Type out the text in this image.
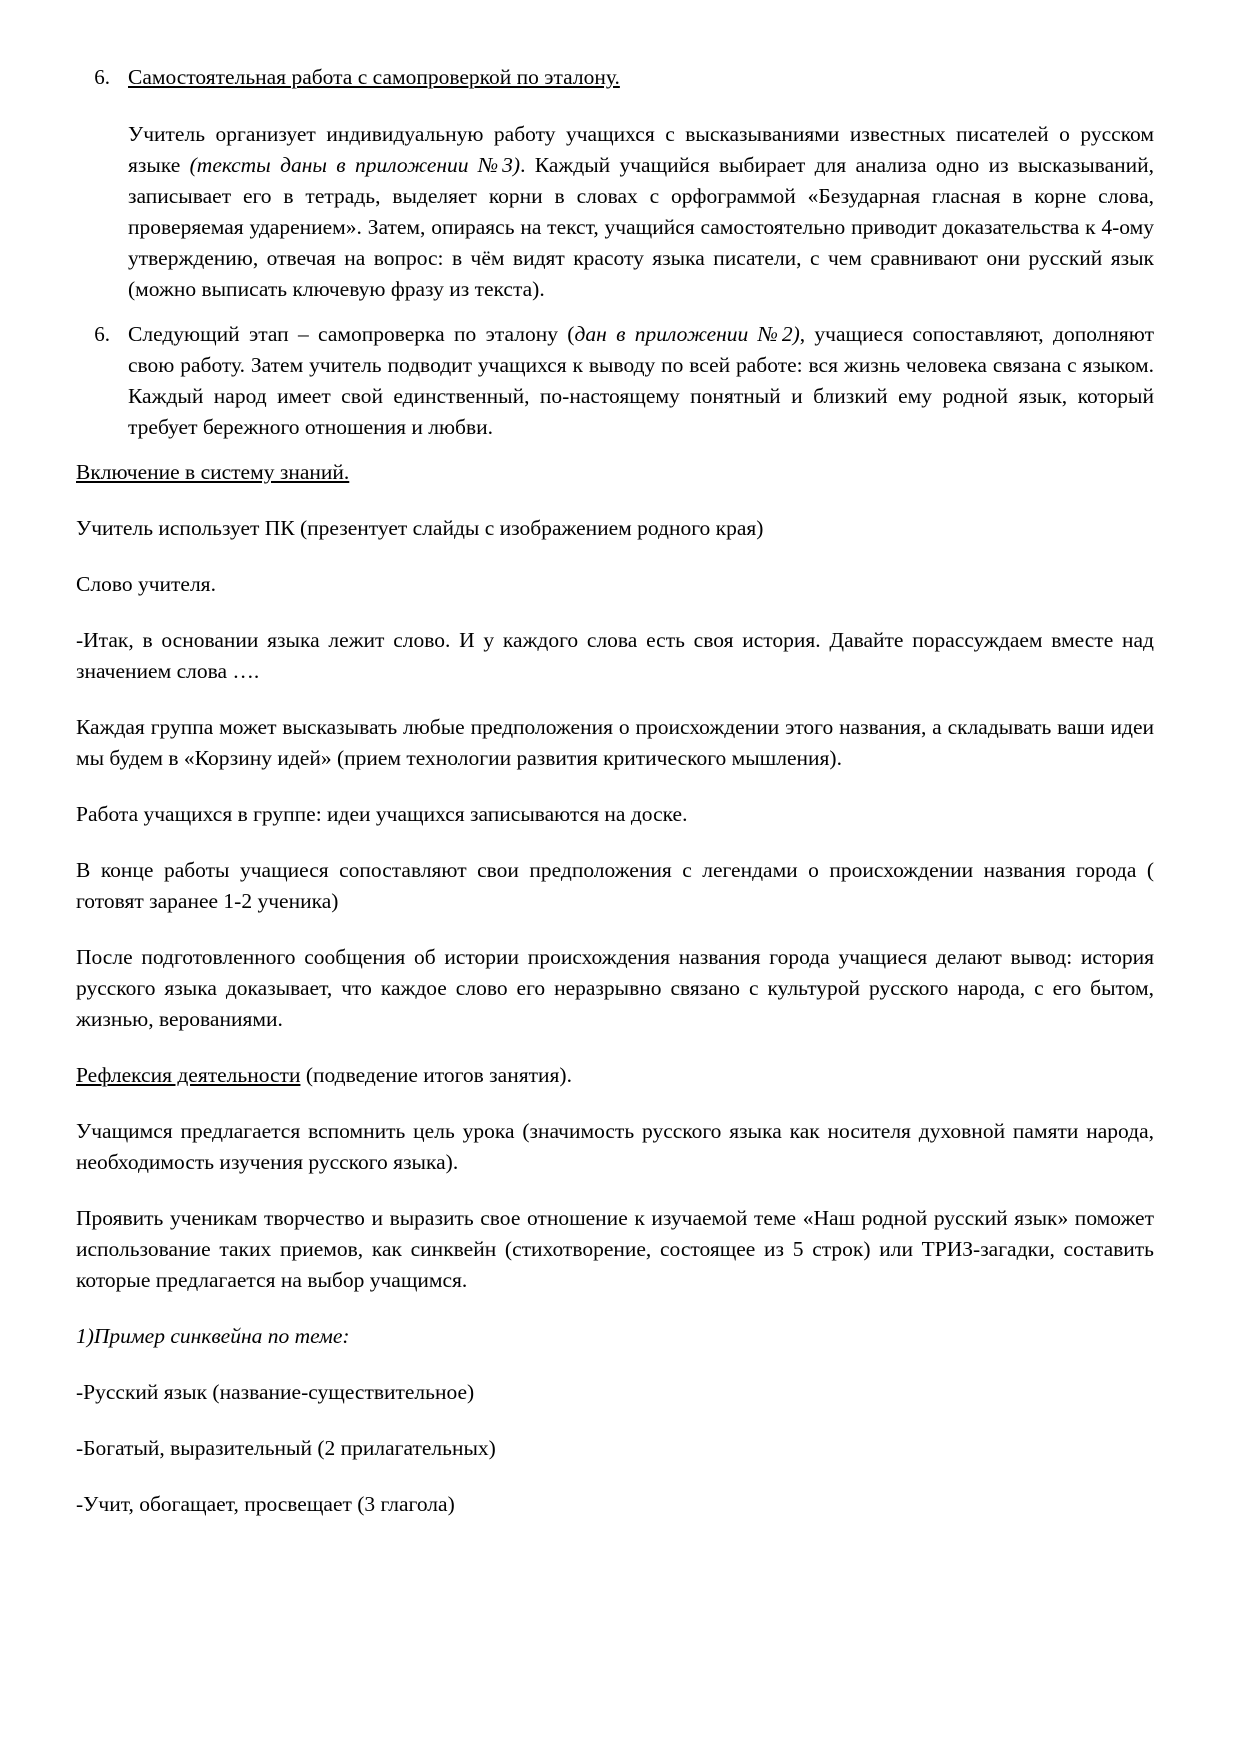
6. Самостоятельная работа с самопроверкой по эталону.
Учитель организует индивидуальную работу учащихся с высказываниями известных писателей о русском языке (тексты даны в приложении №3). Каждый учащийся выбирает для анализа одно из высказываний, записывает его в тетрадь, выделяет корни в словах с орфограммой «Безударная гласная в корне слова, проверяемая ударением». Затем, опираясь на текст, учащийся самостоятельно приводит доказательства к 4-ому утверждению, отвечая на вопрос: в чём видят красоту языка писатели, с чем сравнивают они русский язык (можно выписать ключевую фразу из текста).
6. Следующий этап – самопроверка по эталону (дан в приложении №2), учащиеся сопоставляют, дополняют свою работу. Затем учитель подводит учащихся к выводу по всей работе: вся жизнь человека связана с языком. Каждый народ имеет свой единственный, по-настоящему понятный и близкий ему родной язык, который требует бережного отношения и любви.

Включение в систему знаний.

Учитель использует ПК (презентует слайды с изображением родного края)

Слово учителя.

-Итак, в основании языка лежит слово. И у каждого слова есть своя история. Давайте порассуждаем вместе над значением слова ….

Каждая группа может высказывать любые предположения о происхождении этого названия, а складывать ваши идеи мы будем в «Корзину идей» (прием технологии развития критического мышления).

Работа учащихся в группе: идеи учащихся записываются на доске.

В конце работы учащиеся сопоставляют свои предположения с легендами о происхождении названия города ( готовят заранее 1-2 ученика)

После подготовленного сообщения об истории происхождения названия города учащиеся делают вывод: история русского языка доказывает, что каждое слово его неразрывно связано с культурой русского народа, с его бытом, жизнью, верованиями.

Рефлексия деятельности (подведение итогов занятия).

Учащимся предлагается вспомнить цель урока (значимость русского языка как носителя духовной памяти народа, необходимость изучения русского языка).

Проявить ученикам творчество и выразить свое отношение к изучаемой теме «Наш родной русский язык» поможет использование таких приемов, как синквейн (стихотворение, состоящее из 5 строк) или ТРИЗ-загадки, составить которые предлагается на выбор учащимся.

1)Пример синквейна по теме:

-Русский язык (название-существительное)

-Богатый, выразительный (2 прилагательных)

-Учит, обогащает, просвещает (3 глагола)
